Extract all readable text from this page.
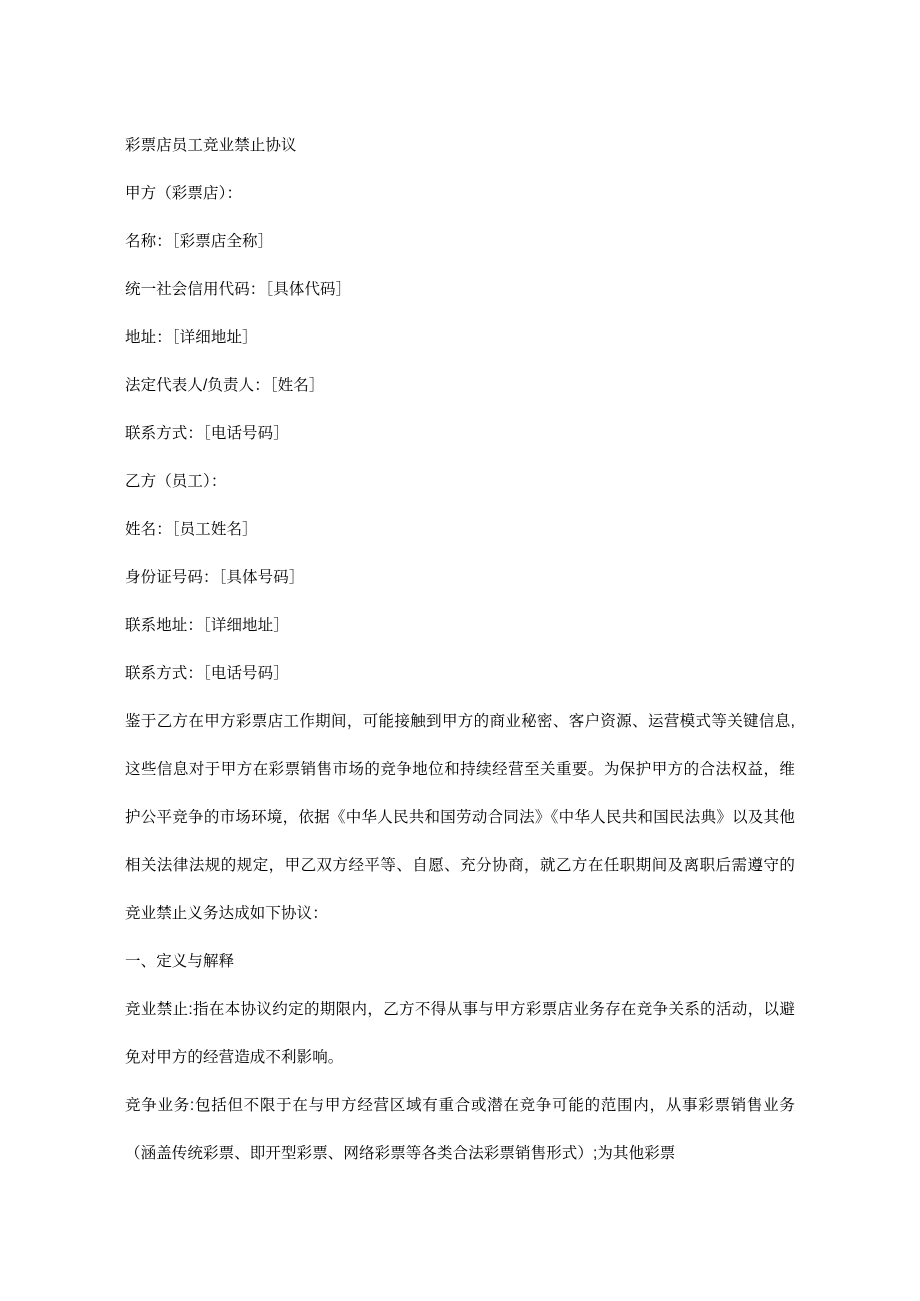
彩票店员工竞业禁止协议

甲方（彩票店）：

名称：［彩票店全称］

统一社会信用代码：［具体代码］

地址：［详细地址］

法定代表人/负责人：［姓名］

联系方式：［电话号码］

乙方（员工）：

姓名：［员工姓名］

身份证号码：［具体号码］

联系地址：［详细地址］

联系方式：［电话号码］

鉴于乙方在甲方彩票店工作期间，可能接触到甲方的商业秘密、客户资源、运营模式等关键信息,这些信息对于甲方在彩票销售市场的竞争地位和持续经营至关重要。为保护甲方的合法权益，维护公平竞争的市场环境，依据《中华人民共和国劳动合同法》《中华人民共和国民法典》以及其他相关法律法规的规定，甲乙双方经平等、自愿、充分协商，就乙方在任职期间及离职后需遵守的竞业禁止义务达成如下协议：

一、定义与解释

竞业禁止:指在本协议约定的期限内，乙方不得从事与甲方彩票店业务存在竞争关系的活动，以避免对甲方的经营造成不利影响。

竞争业务:包括但不限于在与甲方经营区域有重合或潜在竞争可能的范围内，从事彩票销售业务（涵盖传统彩票、即开型彩票、网络彩票等各类合法彩票销售形式）;为其他彩票
